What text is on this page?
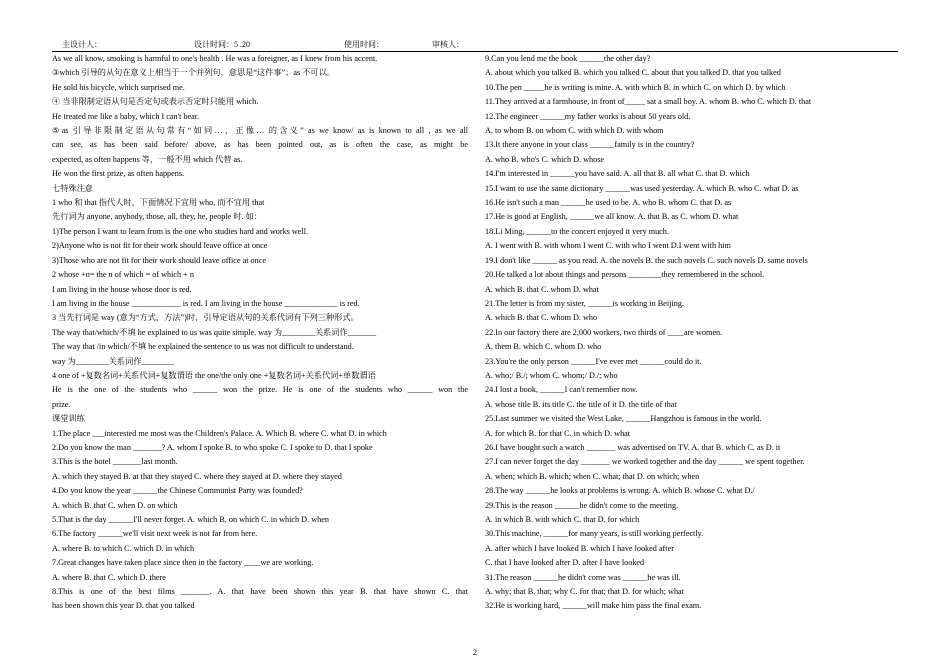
主设计人：	设计时间：5 .20	使用时间：	审核人：
As we all know, smoking is harmful to one's health . He was a foreigner, as I knew from his accent.
③which 引导的从句在意义上相当于一个并列句，意思是“这件事”；as 不可以。
He sold his bicycle, which surprised me.
④ 当非限制定语从句是否定句或表示否定时只能用 which.
He treated me like a baby, which I can't bear.
⑤as 引导非限制定语从句常有“如同…，正像… 的含义” as we know/ as is known to all , as we all
can see, as has been said before/ above, as has been pointed out, as is often the case, as might be
expected, as often happens 等，一般不用 which 代替 as.
He won the first prize, as often happens.
七特殊注意
1 who 和 that 指代人时，下面情况下宜用 who, 而不宜用 that
先行词为 anyone, anybody, those, all, they, he, people 时. 如：
1)The person I want to learn from is the one who studies hard and works well.
2)Anyone who is not fit for their work should leave office at once
3)Those who are not fit for their work should leave office at once
2 whose +n= the n of which = of which + n
I am living in the house whose door is red.
I am living in the house ____________ is red. I am living in the house _____________ is red.
3 当先行词是 way (意为“方式，方法”)时，引导定语从句的关系代词有下列三种形式。
The way that/which/不填 he explained to us was quite simple. way 为________关系词作_______
The way that /in which/不填 he explained the sentence to us was not difficult to understand.
way 为________关系词作________
4 one of +复数名词+关系代词+复数谓语 the one/the only one +复数名词+关系代词+单数谓语
He is the one of the students who ______ won the prize. He is one of the students who ______ won the
prize.
课堂训练
1.The place ___interested me most was the Children's Palace. A. Which B. where C. what D. in which
2.Do you know the man _______? A. whom I spoke B. to who spoke C. I spoke to D. that I spoke
3.This is the hotel _______last month.
A. which they stayed B. at that they stayed C. where they stayed at D. where they stayed
4.Do you know the year ______the Chinese Communist Party was founded?
A. which B. that C. when D. on which
5.That is the day ______I'll never forget. A. which B. on which C. in which D. when
6.The factory ______we'll visit next week is not far from here.
A. where B. to which C. which D. in which
7.Great changes have taken place since then in the factory ____we are working.
A. where B. that C. which D. there
8.This is one of the best films _______. A. that have been shown this year B. that have shown C. that
has been shown this year D. that you talked
9.Can you lend me the book ______the other day?
A. about which you talked B. which you talked C. about that you talked D. that you talked
10.The pen _____he is writing is mine. A. with which B. in which C. on which D. by which
11.They arrived at a farmhouse, in front of_____ sat a small boy. A. whom B. who C. which D. that
12.The engineer ______my father works is about 50 years old.
A. to whom B. on whom C. with which D. with whom
13.It there anyone in your class ______family is in the country?
A. who B. who's C. which D. whose
14.I'm interested in ______you have said. A. all that B. all what C. that D. which
15.I want to use the same dictionary ______was used yesterday. A. which B. who C. what D. as
16.He isn't such a man ______he used to be. A. who B. whom C. that D. as
17.He is good at English, ______we all know. A. that B. as C. whom D. what
18.Li Ming, ______to the concert enjoyed it very much.
A. I went with B. with whom I went C. with who I went D.I went with him
19.I don't like ______ as you read. A. the novels B. the such novels C. such novels D. same novels
20.He talked a lot about things and persons ________they remembered in the school.
A. which B. that C. whom D. what
21.The letter is from my sister, ______is working in Beijing.
A. which B. that C. whom D. who
22.In our factory there are 2,000 workers, two thirds of ____are women.
A. them B. which C. whom D. who
23.You're the only person ______I've ever met ______could do it.
A. who;/ B./; whom C. whom;/ D./; who
24.I lost a book, ______I can't remember now.
A. whose title B. its title C. the title of it D. the title of that
25.Last summer we visited the West Lake, ______Hangzhou is famous in the world.
A. for which B. for that C. in which D. what
26.I have bought such a watch _______ was advertised on TV. A. that B. which C. as D. it
27.I can never forget the day _______ we worked together and the day ______ we spent together.
A. when; which B. which; when C. what; that D. on which; when
28.The way ______he looks at problems is wrong. A. which B. whose C. what D./
29.This is the reason ______he didn't come to the meeting.
A. in which B. with which C. that D. for which
30.This machine, ______for many years, is still working perfectly.
A. after which I have looked B. which I have looked after
C. that I have looked after D. after I have looked
31.The reason ______he didn't come was ______he was ill.
A. why; that B. that; why C. for that; that D. for which; what
32.He is working hard, ______will make him pass the final exam.
2
